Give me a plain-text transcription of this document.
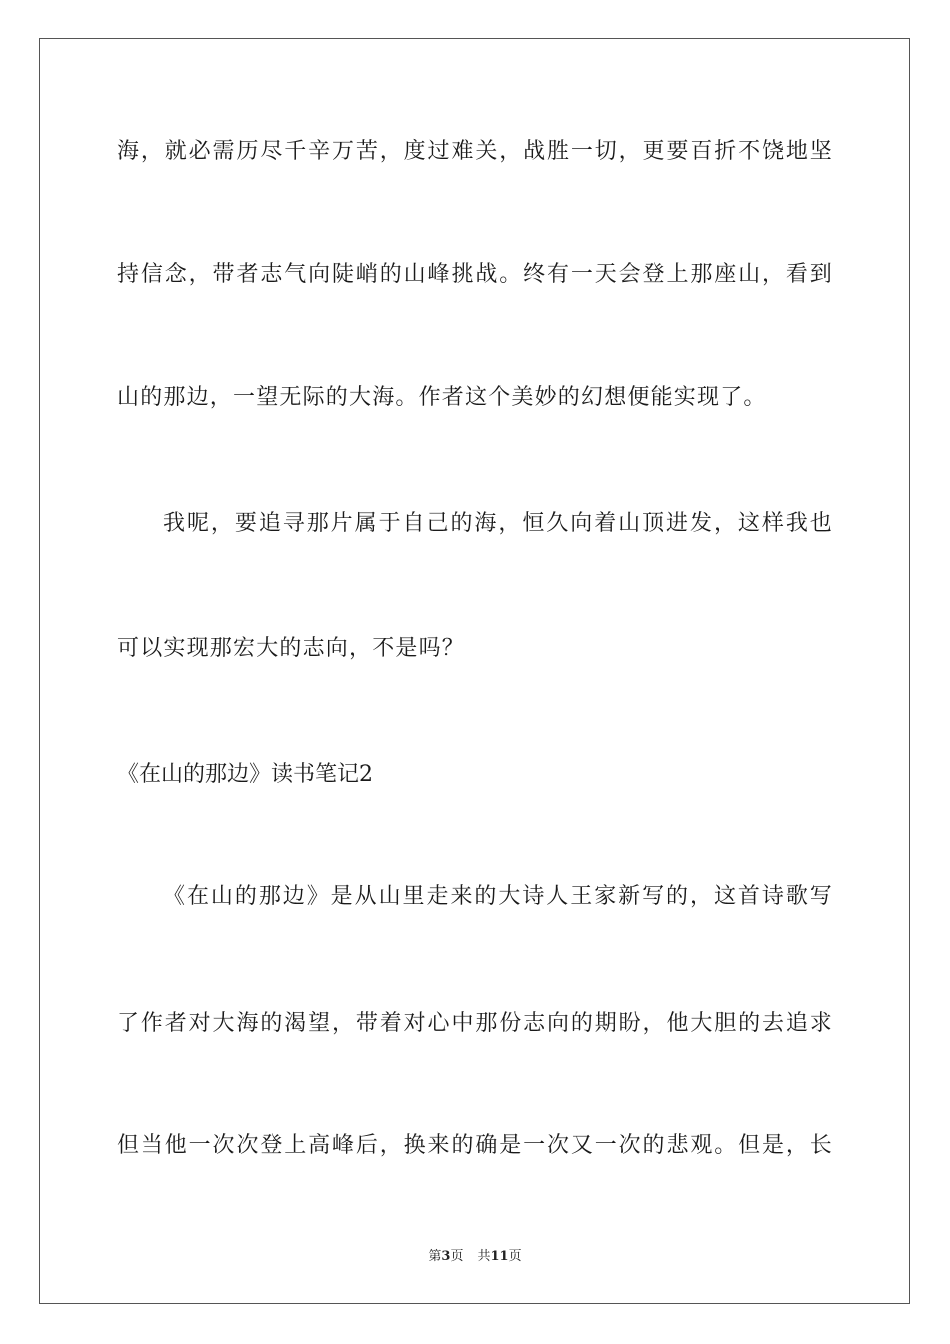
海，就必需历尽千辛万苦，度过难关，战胜一切，更要百折不饶地坚
持信念，带者志气向陡峭的山峰挑战。终有一天会登上那座山，看到
山的那边，一望无际的大海。作者这个美妙的幻想便能实现了。
我呢，要追寻那片属于自己的海，恒久向着山顶进发，这样我也
可以实现那宏大的志向，不是吗？
《在山的那边》读书笔记2
《在山的那边》是从山里走来的大诗人王家新写的，这首诗歌写
了作者对大海的渴望，带着对心中那份志向的期盼，他大胆的去追求
但当他一次次登上高峰后，换来的确是一次又一次的悲观。但是，长
第3页 共11页
